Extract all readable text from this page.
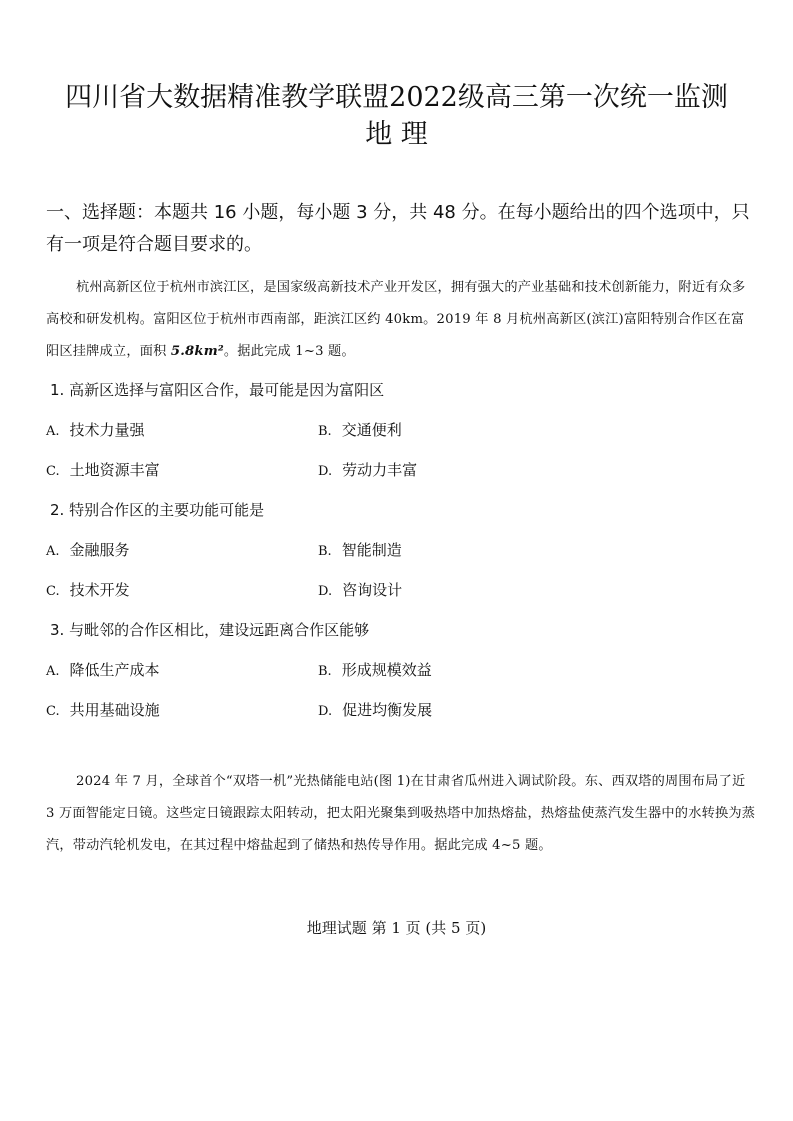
四川省大数据精准教学联盟2022级高三第一次统一监测
地 理
一、选择题：本题共 16 小题，每小题 3 分，共 48 分。在每小题给出的四个选项中，只有一项是符合题目要求的。
杭州高新区位于杭州市滨江区，是国家级高新技术产业开发区，拥有强大的产业基础和技术创新能力，附近有众多高校和研发机构。富阳区位于杭州市西南部，距滨江区约 40km。2019 年 8 月杭州高新区(滨江)富阳特别合作区在富阳区挂牌成立，面积 5.8km²。据此完成 1~3 题。
1. 高新区选择与富阳区合作，最可能是因为富阳区
A. 技术力量强	B. 交通便利
C. 土地资源丰富	D. 劳动力丰富
2. 特别合作区的主要功能可能是
A. 金融服务	B. 智能制造
C. 技术开发	D. 咨询设计
3. 与毗邻的合作区相比，建设远距离合作区能够
A. 降低生产成本	B. 形成规模效益
C. 共用基础设施	D. 促进均衡发展
2024 年 7 月，全球首个“双塔一机”光热储能电站(图 1)在甘肃省瓜州进入调试阶段。东、西双塔的周围布局了近 3 万面智能定日镜。这些定日镜跟踪太阳转动，把太阳光聚集到吸热塔中加热熔盐，热熔盐使蒸汽发生器中的水转换为蒸汽，带动汽轮机发电，在其过程中熔盐起到了储热和热传导作用。据此完成 4~5 题。
地理试题 第 1 页 (共 5 页)
